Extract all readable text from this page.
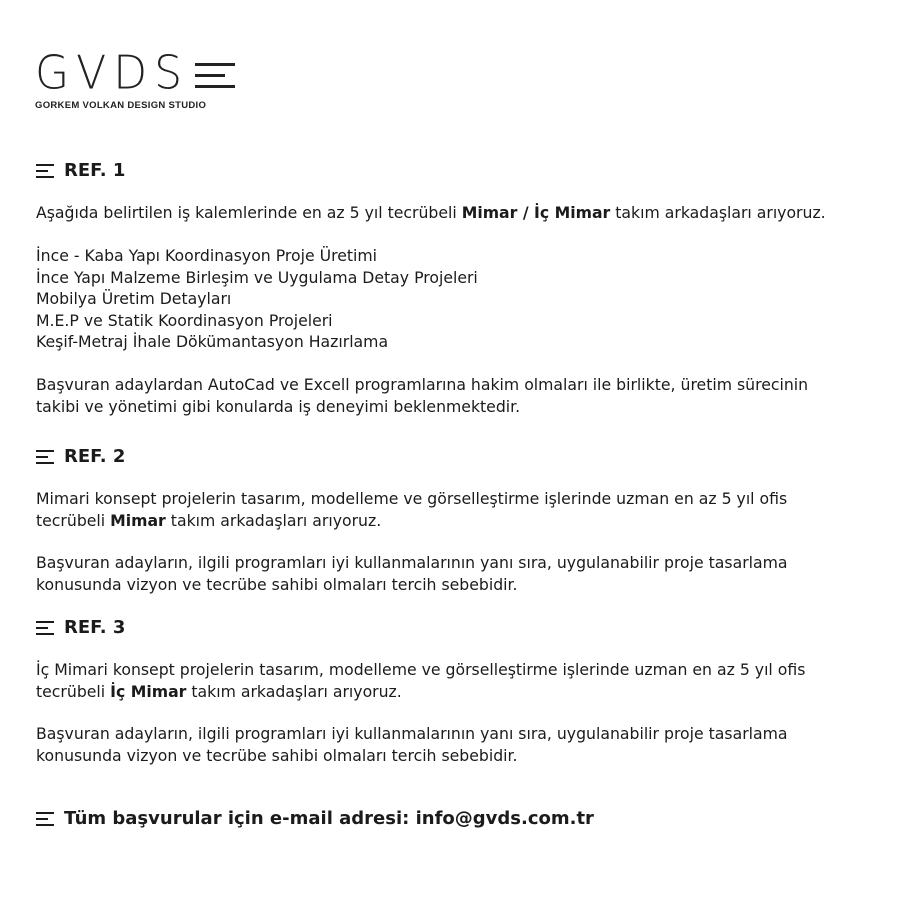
GVDS
GORKEM VOLKAN DESIGN STUDIO
REF. 1
Aşağıda belirtilen iş kalemlerinde en az 5 yıl tecrübeli Mimar / İç Mimar takım arkadaşları arıyoruz.
İnce - Kaba Yapı Koordinasyon Proje Üretimi
İnce Yapı Malzeme Birleşim ve Uygulama Detay Projeleri
Mobilya Üretim Detayları
M.E.P ve Statik Koordinasyon Projeleri
Keşif-Metraj İhale Dökümantasyon Hazırlama
Başvuran adaylardan AutoCad ve Excell programlarına hakim olmaları ile birlikte, üretim sürecinin
takibi ve yönetimi gibi konularda iş deneyimi beklenmektedir.
REF. 2
Mimari konsept projelerin tasarım, modelleme ve görselleştirme işlerinde uzman en az 5 yıl ofis
tecrübeli Mimar takım arkadaşları arıyoruz.
Başvuran adayların, ilgili programları iyi kullanmalarının yanı sıra, uygulanabilir proje tasarlama
konusunda vizyon ve tecrübe sahibi olmaları tercih sebebidir.
REF. 3
İç Mimari konsept projelerin tasarım, modelleme ve görselleştirme işlerinde uzman en az 5 yıl ofis
tecrübeli İç Mimar takım arkadaşları arıyoruz.
Başvuran adayların, ilgili programları iyi kullanmalarının yanı sıra, uygulanabilir proje tasarlama
konusunda vizyon ve tecrübe sahibi olmaları tercih sebebidir.
Tüm başvurular için e-mail adresi: info@gvds.com.tr
